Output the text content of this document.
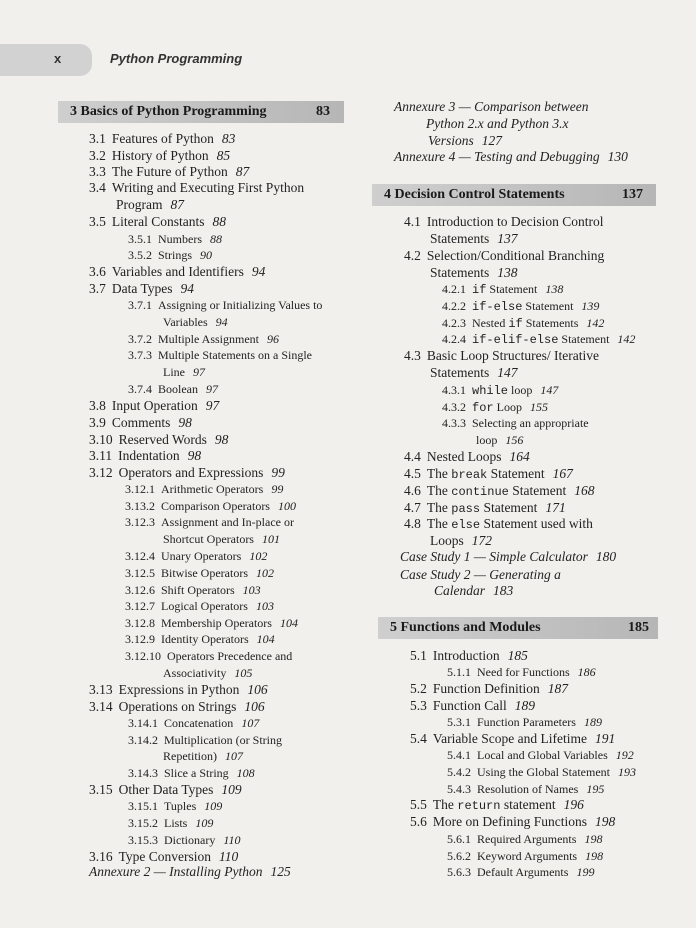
x	Python Programming
3 Basics of Python Programming	83
4 Decision Control Statements	137
5 Functions and Modules	185
3.1 Features of Python 83
3.2 History of Python 85
3.3 The Future of Python 87
3.4 Writing and Executing First Python
Program 87
3.5 Literal Constants 88
3.5.1 Numbers 88
3.5.2 Strings 90
3.6 Variables and Identifiers 94
3.7 Data Types 94
3.7.1 Assigning or Initializing Values to
Variables 94
3.7.2 Multiple Assignment 96
3.7.3 Multiple Statements on a Single
Line 97
3.7.4 Boolean 97
3.8 Input Operation 97
3.9 Comments 98
3.10 Reserved Words 98
3.11 Indentation 98
3.12 Operators and Expressions 99
3.12.1 Arithmetic Operators 99
3.13.2 Comparison Operators 100
3.12.3 Assignment and In-place or
Shortcut Operators 101
3.12.4 Unary Operators 102
3.12.5 Bitwise Operators 102
3.12.6 Shift Operators 103
3.12.7 Logical Operators 103
3.12.8 Membership Operators 104
3.12.9 Identity Operators 104
3.12.10 Operators Precedence and
Associativity 105
3.13 Expressions in Python 106
3.14 Operations on Strings 106
3.14.1 Concatenation 107
3.14.2 Multiplication (or String
Repetition) 107
3.14.3 Slice a String 108
3.15 Other Data Types 109
3.15.1 Tuples 109
3.15.2 Lists 109
3.15.3 Dictionary 110
3.16 Type Conversion 110
Annexure 2 — Installing Python 125
Annexure 3 — Comparison between
Python 2.x and Python 3.x
Versions 127
Annexure 4 — Testing and Debugging 130
4.1 Introduction to Decision Control
Statements 137
4.2 Selection/Conditional Branching
Statements 138
4.2.1 if Statement 138
4.2.2 if-else Statement 139
4.2.3 Nested if Statements 142
4.2.4 if-elif-else Statement 142
4.3 Basic Loop Structures/ Iterative
Statements 147
4.3.1 while loop 147
4.3.2 for Loop 155
4.3.3 Selecting an appropriate
loop 156
4.4 Nested Loops 164
4.5 The break Statement 167
4.6 The continue Statement 168
4.7 The pass Statement 171
4.8 The else Statement used with
Loops 172
Case Study 1 — Simple Calculator 180
Case Study 2 — Generating a
Calendar 183
5.1 Introduction 185
5.1.1 Need for Functions 186
5.2 Function Definition 187
5.3 Function Call 189
5.3.1 Function Parameters 189
5.4 Variable Scope and Lifetime 191
5.4.1 Local and Global Variables 192
5.4.2 Using the Global Statement 193
5.4.3 Resolution of Names 195
5.5 The return statement 196
5.6 More on Defining Functions 198
5.6.1 Required Arguments 198
5.6.2 Keyword Arguments 198
5.6.3 Default Arguments 199
